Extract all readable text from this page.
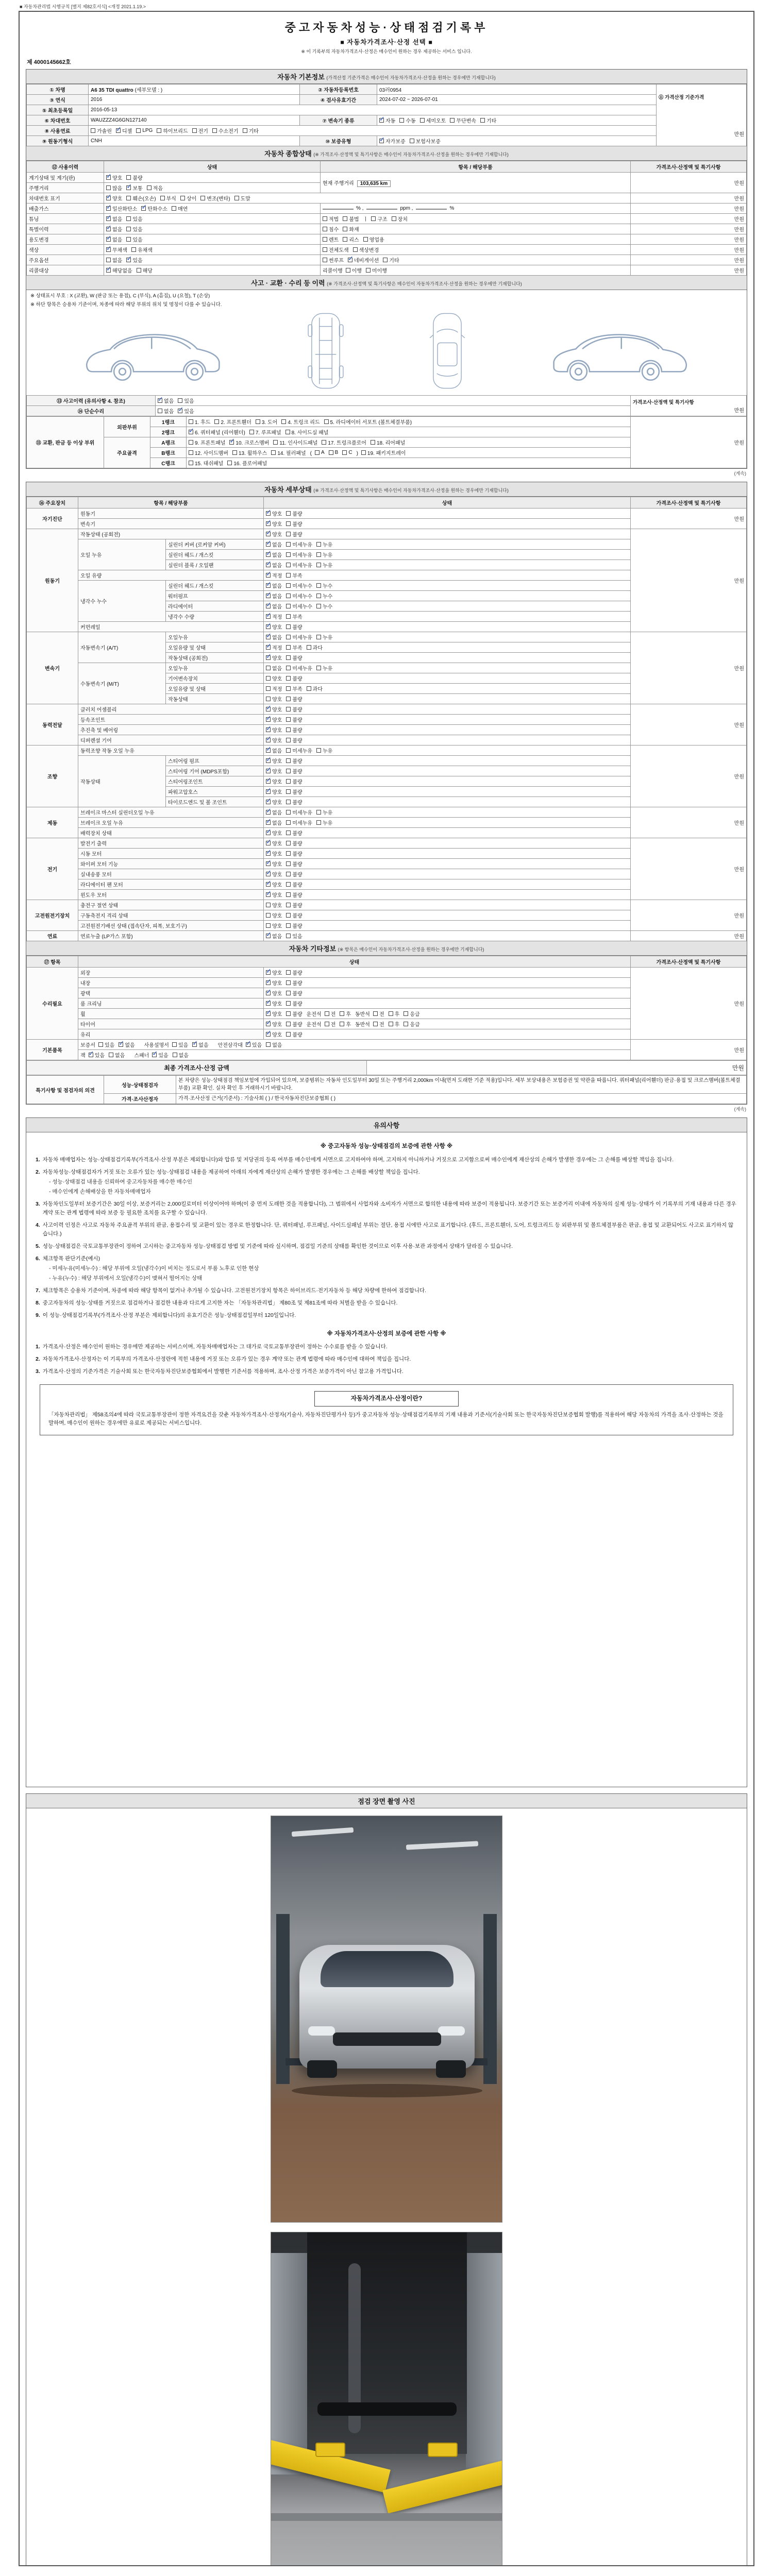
■ 자동차관리법 시행규칙 [별지 제82호서식] <개정 2021.1.19.>
중고자동차성능·상태점검기록부
■ 자동차가격조사·산정 선택 ■
※ 이 기록부의 자동차가격조사·산정은 매수인이 원하는 경우 제공하는 서비스 입니다.
제 4000145662호
자동차 기본정보 (가격산정 기준가격은 매수인이 자동차가격조사·산정을 원하는 경우에만 기재합니다)
① 차명	A6 35 TDI quattro (세부모델 : )	② 자동차등록번호	03러0954	⑪ 가격산정 기준가격
만원

③ 연식	2016	④ 검사유효기간	2024-07-02 ~ 2026-07-01	
⑤ 최초등록일	2016-05-13			
⑥ 차대번호	WAUZZZ4G6GN127140	⑦ 변속기 종류	✓ 자동 수동 세미오토 무단변속 기타

⑧ 사용연료	가솔린 ✓ 디젤 LPG 하이브리드 전기 수소전기 기타

⑨ 원동기형식	CNH	⑩ 보증유형	✓ 자가보증 보험사보증	
자동차 종합상태 (※ 가격조사·산정액 및 특기사항은 매수인이 자동차가격조사·산정을 원하는 경우에만 기재합니다)
⑫ 사용이력	상태	항목 / 해당부품	가격조사·산정액 및 특기사항
계기상태 및 계기(판)	✓ 양호 불량	현재 주행거리 103,635 km	만원
주행거리	많음 ✓ 보통 적음		

차대번호 표기	✓ 양호 훼손(오손) 부식 상이 변조(변타) 도말	만원
배출가스	✓ 일산화탄소 ✓ 탄화수소 매연	% , ppm , %	만원
튜닝	✓ 없음 있음	적법 불법 ㅣ 구조 장치	만원
특별이력	✓ 없음 있음	침수 화재	만원
용도변경	✓ 없음 있음	렌트 리스 영업용	만원
색상	✓ 무채색 유채색	전체도색 색상변경	만원
주요옵션	없음 ✓ 있음	썬루프 ✓ 네비게이션 기타	만원
리콜대상	✓ 해당없음 해당	리콜이행 이행 미이행	만원
사고 · 교환 · 수리 등 이력 (※ 가격조사·산정액 및 특기사항은 매수인이 자동차가격조사·산정을 원하는 경우에만 기재합니다)
※ 상태표시 부호 : X (교환), W (판금 또는 용접), C (부식), A (흠집), U (요철), T (손상)
※ 하단 항목은 승용차 기준이며, 차종에 따라 해당 부위의 위치 및 명칭이 다를 수 있습니다.
⑬ 사고이력 (유의사항 4. 참조)	✓ 없음 있음	가격조사·산정액 및 특기사항
만원

⑭ 단순수리	없음 ✓ 있음	
⑮ 교환, 판금 등 이상 부위	외판부위	1랭크	1. 후드 2. 프론트휀더 3. 도어 4. 트렁크 리드 5. 라디에이터 서포트 (볼트체결부품)	만원
		2랭크	✓ 6. 쿼터패널 (리어휀더) 7. 루프패널 8. 사이드실 패널	

주요골격	A랭크	9. 프론트패널 ✓ 10. 크로스멤버 11. 인사이드패널 17. 트렁크플로어 18. 리어패널

B랭크	12. 사이드멤버 13. 휠하우스 14. 필러패널 ( A B C ) 19. 패키지트레이

		C랭크	15. 대쉬패널 16. 플로어패널	
(계속)
자동차 세부상태 (※ 가격조사·산정액 및 특기사항은 매수인이 자동차가격조사·산정을 원하는 경우에만 기재합니다)
⑯ 주요장치	항목 / 해당부품		상태	가격조사·산정액 및 특기사항
자기진단	원동기		✓ 양호 불량	만원
	변속기		✓ 양호 불량	

원동기	작동상태 (공회전)		✓ 양호 불량	만원
	오일 누유	실린더 커버 (로커암 커버)	✓ 없음 미세누유 누유	

		실린더 헤드 / 개스킷	✓ 없음 미세누유 누유	

		실린더 블록 / 오일팬	✓ 없음 미세누유 누유	

	오일 유량		✓ 적정 부족	

	냉각수 누수	실린더 헤드 / 개스킷	✓ 없음 미세누수 누수	

		워터펌프	✓ 없음 미세누수 누수	

		라디에이터	✓ 없음 미세누수 누수	

		냉각수 수량	✓ 적정 부족	

	커먼레일		✓ 양호 불량	

변속기	자동변속기 (A/T)	오일누유	✓ 없음 미세누유 누유	만원
		오일유량 및 상태	✓ 적정 부족 과다	

		작동상태 (공회전)	✓ 양호 불량	

	수동변속기 (M/T)	오일누유	없음 미세누유 누유	

		기어변속장치	양호 불량	

		오일유량 및 상태	적정 부족 과다	

		작동상태	양호 불량	

동력전달	클러치 어셈블리		✓ 양호 불량	만원
	등속조인트		✓ 양호 불량	

	추진축 및 베어링		✓ 양호 불량	

	디퍼렌셜 기어		✓ 양호 불량	

조향	동력조향 작동 오일 누유		✓ 없음 미세누유 누유	만원
	작동상태	스티어링 펌프	✓ 양호 불량	

		스티어링 기어 (MDPS포함)	✓ 양호 불량	

		스티어링조인트	✓ 양호 불량	

		파워고압호스	✓ 양호 불량	

		타이로드엔드 및 볼 조인트	✓ 양호 불량	

제동	브레이크 마스터 실린더오일 누유		✓ 없음 미세누유 누유	만원
	브레이크 오일 누유		✓ 없음 미세누유 누유	

	배력장치 상태		✓ 양호 불량	

전기	발전기 출력		✓ 양호 불량	만원
	시동 모터		✓ 양호 불량	

	와이퍼 모터 기능		✓ 양호 불량	

	실내송풍 모터		✓ 양호 불량	

	라디에이터 팬 모터		✓ 양호 불량	

	윈도우 모터		✓ 양호 불량	

고전원전기장치	충전구 절연 상태		양호 불량	만원
	구동축전지 격리 상태		양호 불량	

	고전원전기배선 상태 (접속단자, 피복, 보호기구)		양호 불량	

연료	연료누출 (LP가스 포함)		✓ 없음 있음	만원
자동차 기타정보 (※ 항목은 매수인이 자동차가격조사·산정을 원하는 경우에만 기재합니다)
⑰ 항목	상태		가격조사·산정액 및 특기사항
수리필요	외장	✓ 양호 불량	만원
	내장	✓ 양호 불량	

	광택	✓ 양호 불량	

	룸 크리닝	✓ 양호 불량	

휠	✓ 양호 불량 운전석 전 후 동반석 전 후 응급

타이어	✓ 양호 불량 운전석 전 후 동반석 전 후 응급

	유리	✓ 양호 불량	

기본품목	보증서 있음 ✓ 없음 　사용설명서 있음 ✓ 없음 　안전삼각대 ✓ 있음 없음
	만원
잭 ✓ 있음 없음 　스패너 ✓ 있음 없음
최종 가격조사·산정 금액	만원
특기사항 및 점검자의 의견	성능·상태점검자	본 차량은 성능·상태점검 책임보험에 가입되어 있으며, 보증범위는 자동차 인도일부터 30일 또는 주행거리 2,000km 이내(먼저 도래한 기준 적용)입니다. 세부 보상내용은 보험증권 및 약관을 따릅니다. 쿼터패널(리어휀더) 판금·용접 및 크로스멤버(볼트체결부품) 교환 확인. 실차 확인 후 거래하시기 바랍니다.
	가격·조사산정자	가격·조사산정 근거(기준서) : 기술사회 ( ) / 한국자동차진단보증협회 ( )
(계속)
유의사항
※ 중고자동차 성능·상태점검의 보증에 관한 사항 ※
1. 자동차 매매업자는 성능·상태점검기록부(가격조사·산정 부분은 제외합니다)와 압류 및 저당권의 등록 여부를 매수인에게 서면으로 고지하여야 하며, 고지하지 아니하거나 거짓으로 고지함으로써 매수인에게 재산상의 손해가 발생한 경우에는 그 손해를 배상할 책임을 집니다.
2. 자동차성능·상태점검자가 거짓 또는 오류가 있는 성능·상태점검 내용을 제공하여 아래의 자에게 재산상의 손해가 발생한 경우에는 그 손해를 배상할 책임을 집니다.
- 성능·상태점검 내용을 신뢰하여 중고자동차를 매수한 매수인
- 매수인에게 손해배상을 한 자동차매매업자
3. 자동차인도일부터 보증기간은 30일 이상, 보증거리는 2,000킬로미터 이상이어야 하며(이 중 먼저 도래한 것을 적용합니다), 그 범위에서 사업자와 소비자가 서면으로 합의한 내용에 따라 보증이 적용됩니다. 보증기간 또는 보증거리 이내에 자동차의 실제 성능·상태가 이 기록부의 기재 내용과 다른 경우 계약 또는 관계 법령에 따라 보증 등 필요한 조치를 요구할 수 있습니다.
4. 사고이력 인정은 사고로 자동차 주요골격 부위의 판금, 용접수리 및 교환이 있는 경우로 한정합니다. 단, 쿼터패널, 루프패널, 사이드실패널 부위는 절단, 용접 시에만 사고로 표기합니다. (후드, 프론트휀더, 도어, 트렁크리드 등 외판부위 및 볼트체결부품은 판금, 용접 및 교환되어도 사고로 표기하지 않습니다.)
5. 성능·상태점검은 국토교통부장관이 정하여 고시하는 중고자동차 성능·상태점검 방법 및 기준에 따라 실시하며, 점검일 기준의 상태를 확인한 것이므로 이후 사용·보관 과정에서 상태가 달라질 수 있습니다.
6. 체크항목 판단기준(예시)
- 미세누유(미세누수) : 해당 부위에 오일(냉각수)이 비치는 정도로서 부품 노후로 인한 현상
- 누유(누수) : 해당 부위에서 오일(냉각수)이 맺혀서 떨어지는 상태
7. 체크항목은 승용차 기준이며, 차종에 따라 해당 항목이 없거나 추가될 수 있습니다. 고전원전기장치 항목은 하이브리드·전기자동차 등 해당 차량에 한하여 점검합니다.
8. 중고자동차의 성능·상태를 거짓으로 점검하거나 점검한 내용과 다르게 고지한 자는 「자동차관리법」 제80조 및 제81조에 따라 처벌을 받을 수 있습니다.
9. 이 성능·상태점검기록부(가격조사·산정 부분은 제외합니다)의 유효기간은 성능·상태점검일부터 120일입니다.
※ 자동차가격조사·산정의 보증에 관한 사항 ※
1. 가격조사·산정은 매수인이 원하는 경우에만 제공하는 서비스이며, 자동차매매업자는 그 대가로 국토교통부장관이 정하는 수수료를 받을 수 있습니다.
2. 자동차가격조사·산정자는 이 기록부의 가격조사·산정란에 적힌 내용에 거짓 또는 오류가 있는 경우 계약 또는 관계 법령에 따라 매수인에 대하여 책임을 집니다.
3. 가격조사·산정의 기준가격은 기술사회 또는 한국자동차진단보증협회에서 발행한 기준서를 적용하며, 조사·산정 가격은 보증가격이 아닌 참고용 가격입니다.
자동차가격조사·산정이란?
「자동차관리법」 제58조의4에 따라 국토교통부장관이 정한 자격요건을 갖춘 자동차가격조사·산정자(기술사, 자동차진단평가사 등)가 중고자동차 성능·상태점검기록부의 기재 내용과 기준서(기술사회 또는 한국자동차진단보증협회 발행)를 적용하여 해당 자동차의 가격을 조사·산정하는 것을 말하며, 매수인이 원하는 경우에만 유료로 제공되는 서비스입니다.
점검 장면 촬영 사진
